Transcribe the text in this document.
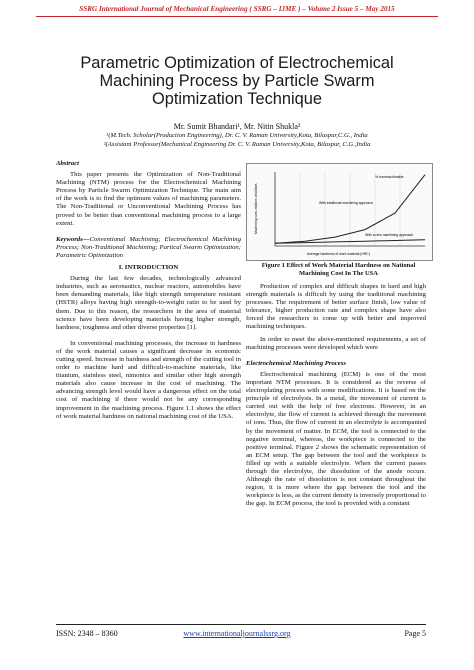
SSRG International Journal of Mechanical Engineering ( SSRG – IJME ) – Volume 2 Issue 5 – May 2015
Parametric Optimization of Electrochemical
Machining Process by Particle Swarm
Optimization Technique
Mr. Sumit Bhandari¹, Mr. Nitin Shukla²
¹(M.Tech. Scholar(Production Engineering), Dr. C. V. Raman University,Kota, Bilaspur,C.G., India
²(Assistant Professor(Mechanical Engineering Dr. C. V. Raman University,Kota, Bilaspur, C.G.,India
Abstract

This paper presents the Optimization of Non-Traditional Machining (NTM) process for the Electrochemical Machining Process by Particle Swarm Optimization Technique. The main aim of the work is to find the optimum values of machining parameters. The Non-Traditional or Unconventional Machining Process has proved to be better than conventional machining process to a large extent.

Keywords—Conventional Machining; Electrochemical Machining Process; Non-Traditional Machining; Partical Swarm Optimization; Parametric Optimization

I. INTRODUCTION

During the last few decades, technologically advanced industries, such as aeronautics, nuclear reactors, automobiles have been demanding materials, like high strength temperature resistant (HSTR) alloys having high strength-to-weight ratio to be used by them. Due to this reason, the researchers in the area of material science have been developing materials having higher strength, hardness, toughness and other diverse properties [1].

In conventional machining processes, the increase in hardness of the work material causes a significant decrease in economic cutting speed. Increase in hardness and strength of the cutting tool in order to machine hard and difficult-to-machine materials, like titanium, stainless steel, nimonics and similar other high strength materials also cause increase in the cost of machining. The advancing strength level would have a dangerous effect on the total cost of machining if there would not be any corresponding improvement in the machining process. Figure 1.1 shows the effect of work material hardness on national machining cost of the USA.

% nonmachinable
With traditional machining approach
With a new machining approach
Machining cost, millions of dollars
Average hardness of work material (HRC)
Figure 1 Effect of Work Material Hardness on National Machining Cost In The USA

Production of complex and difficult shapes in hard and high strength materials is difficult by using the traditional machining processes. The requirement of better surface finish, low value of tolerance, higher production rate and complex shape have also forced the researchers to come up with better and improved machining techniques.

In order to meet the above-mentioned requirements, a set of machining processes were developed which were

Electrochemical Machining Process

Electrochemical machining (ECM) is one of the most important NTM processes. It is considered as the reverse of electroplating process with some modifications. It is based on the principle of electrolysis. In a metal, the movement of current is carried out with the help of free electrons. However, in an electrolyte, the flow of current is achieved through the movement of ions. Thus, the flow of current in an electrolyte is accompanied by the movement of matter. In ECM, the tool is connected to the negative terminal, whereas, the workpiece is connected to the positive terminal. Figure 2 shows the schematic representation of an ECM setup. The gap between the tool and the workpiece is filled up with a suitable electrolyte. When the current passes through the electrolyte, the dissolution of the anode occurs. Although the rate of dissolution is not constant throughout the region, it is more where the gap between the tool and the workpiece is less, as the current density is inversely proportional to the gap. In ECM process, the tool is provided with a constant

ISSN: 2348 – 8360	www.internationaljournalssrg.org	Page 5
